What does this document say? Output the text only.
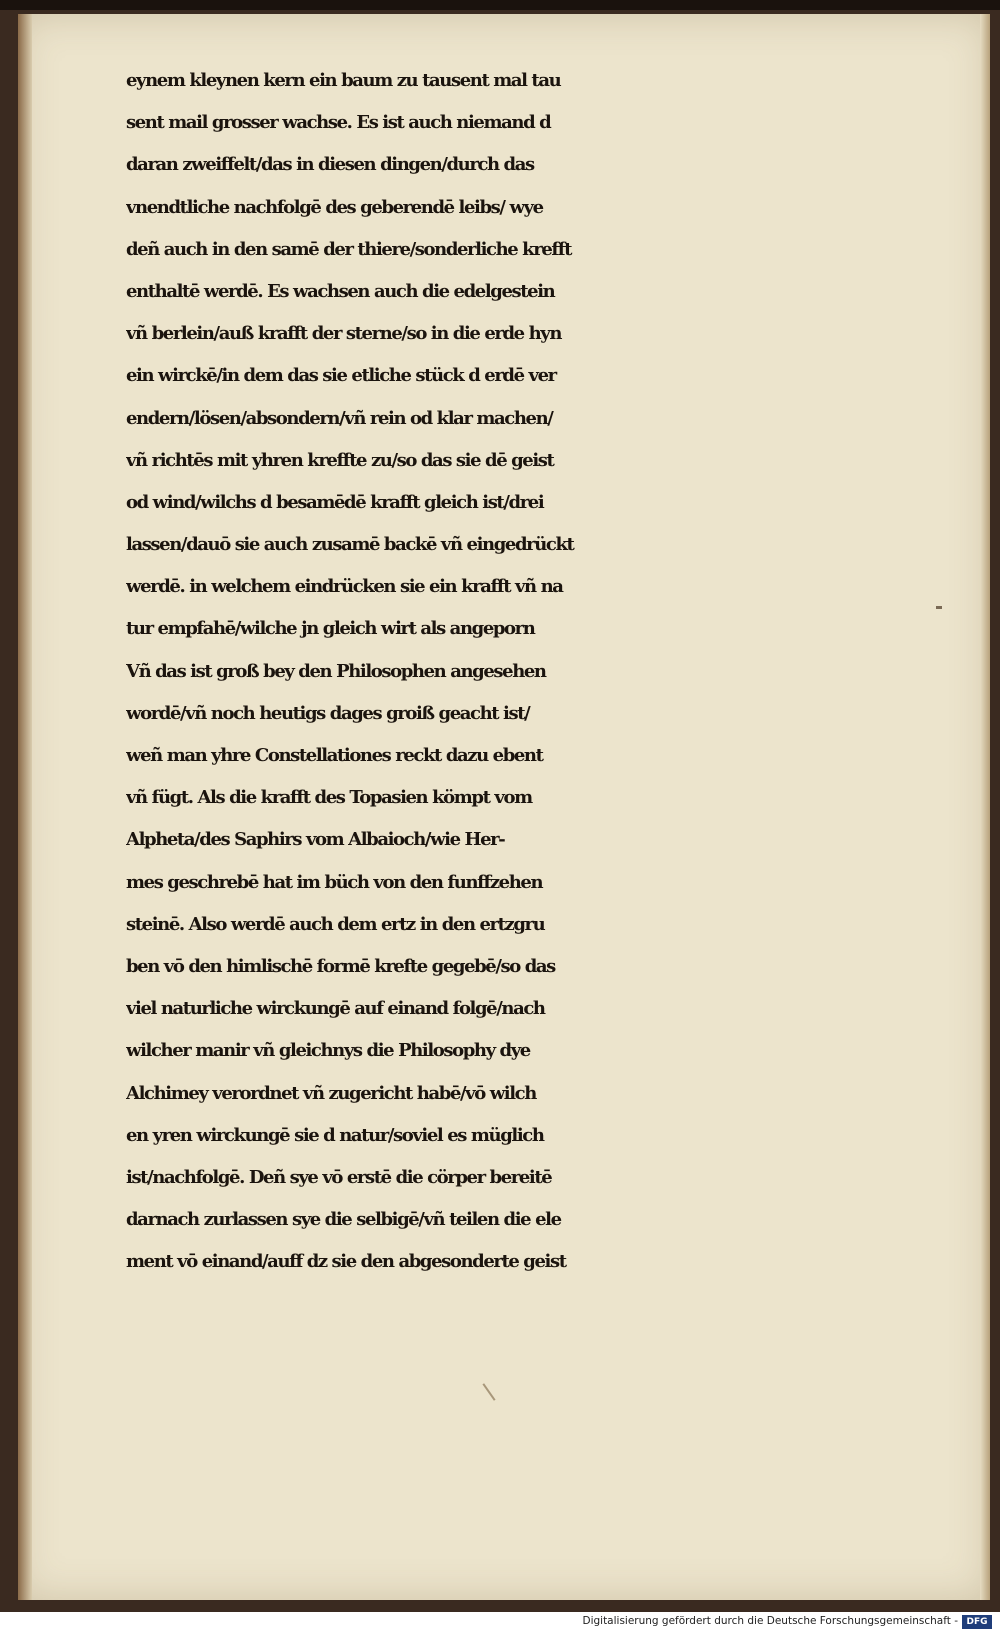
eynem kleynen kern ein baum zu tausent mal tau
sent mail grosser wachse. Es ist auch niemand d
daran zweiffelt/das in diesen dingen/durch das
vnendtliche nachfolgē des geberendē leibs/ wye
deñ auch in den samē der thiere/sonderliche krefft
enthaltē werdē. Es wachsen auch die edelgestein
vñ berlein/auß krafft der sterne/so in die erde hyn
ein wirckē/in dem das sie etliche stück d erdē ver
endern/lösen/absondern/vñ rein od klar machen/
vñ richtēs mit yhren kreffte zu/so das sie dē geist
od wind/wilchs d besamēdē krafft gleich ist/drei
lassen/dauō sie auch zusamē backē vñ eingedrückt
werdē. in welchem eindrücken sie ein krafft vñ na
tur empfahē/wilche jn gleich wirt als angeporn
Vñ das ist groß bey den Philosophen angesehen
wordē/vñ noch heutigs dages groiß geacht ist/
weñ man yhre Constellationes reckt dazu ebent
vñ fügt. Als die krafft des Topasien kömpt vom
Alpheta/des Saphirs vom Albaioch/wie Her-
mes geschrebē hat im büch von den funffzehen
steinē. Also werdē auch dem ertz in den ertzgru
ben vō den himlischē formē krefte gegebē/so das
viel naturliche wirckungē auf einand folgē/nach
wilcher manir vñ gleichnys die Philosophy dye
Alchimey verordnet vñ zugericht habē/vō wilch
en yren wirckungē sie d natur/soviel es müglich
ist/nachfolgē. Deñ sye vō erstē die cörper bereitē
darnach zurlassen sye die selbigē/vñ teilen die ele
ment vō einand/auff dz sie den abgesonderte geist
Digitalisierung gefördert durch die Deutsche Forschungsgemeinschaft - DFG
